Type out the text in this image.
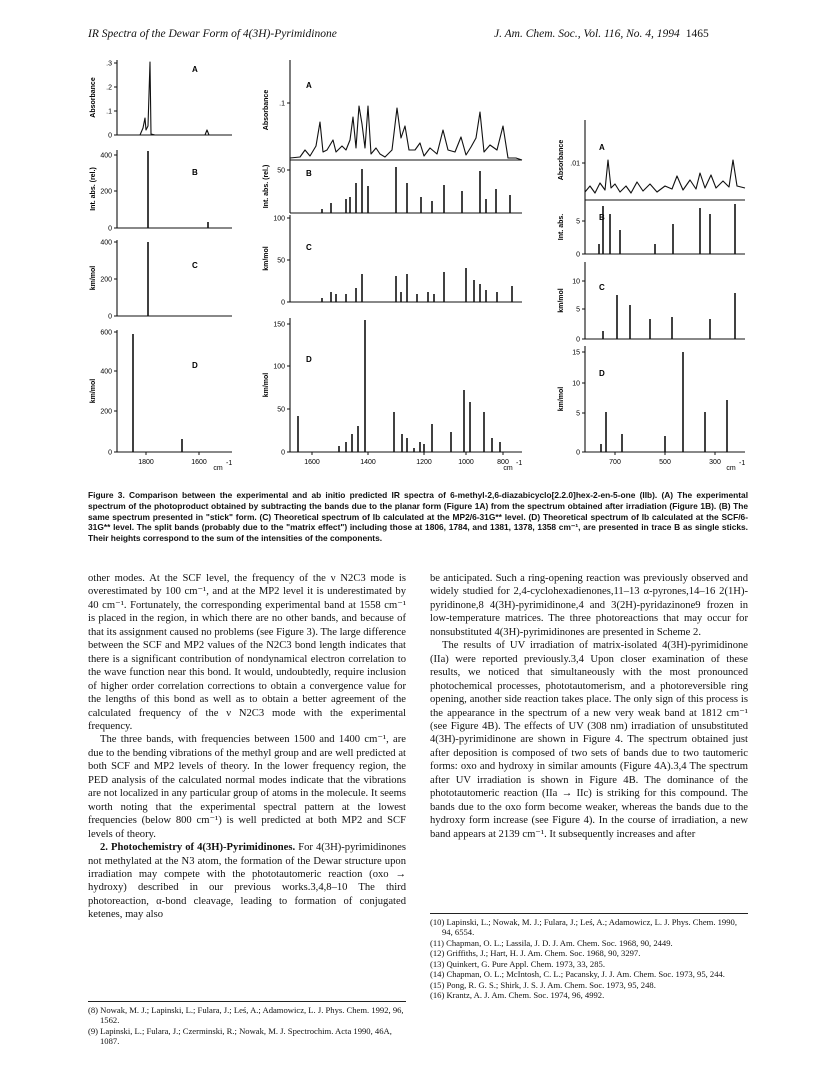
IR Spectra of the Dewar Form of 4(3H)-Pyrimidinone	J. Am. Chem. Soc., Vol. 116, No. 4, 1994 1465
.3
.2
.1
0
A
Absorbance
400
200
0
B
Int. abs. (rel.)
400
200
0
C
km/mol
600
400
200
0
D
km/mol
1800	1600
cm
-1
.1
A
Absorbance
50	B
Int. abs. (rel.)
100
50
0
C
km/mol
150
100
50
0
D
km/mol
1600	1400	1200	1000	800
cm
-1
.01
A
Absorbance
5
0
B
Int. abs.
10
5
0
C
km/mol
15
10
5
0
D
km/mol
700	500	300
cm
-1
Figure 3. Comparison between the experimental and ab initio predicted IR spectra of 6-methyl-2,6-diazabicyclo[2.2.0]hex-2-en-5-one (IIb). (A) The experimental spectrum of the photoproduct obtained by subtracting the bands due to the planar form (Figure 1A) from the spectrum obtained after irradiation (Figure 1B). (B) The same spectrum presented in "stick" form. (C) Theoretical spectrum of Ib calculated at the MP2/6-31G** level. (D) Theoretical spectrum of Ib calculated at the SCF/6-31G** level. The split bands (probably due to the "matrix effect") including those at 1806, 1784, and 1381, 1378, 1358 cm⁻¹, are presented in trace B as single sticks. Their heights correspond to the sum of the intensities of the components.

other modes. At the SCF level, the frequency of the ν N2C3 mode is overestimated by 100 cm⁻¹, and at the MP2 level it is underestimated by 40 cm⁻¹. Fortunately, the corresponding experimental band at 1558 cm⁻¹ is placed in the region, in which there are no other bands, and because of that its assignment caused no problems (see Figure 3). The large difference between the SCF and MP2 values of the N2C3 bond length indicates that there is a significant contribution of nondynamical electron correlation to the wave function near this bond. It would, undoubtedly, require inclusion of higher order correlation corrections to obtain a convergence value for the lengths of this bond as well as to obtain a better agreement of the calculated frequency of the ν N2C3 mode with the experimental frequency.

The three bands, with frequencies between 1500 and 1400 cm⁻¹, are due to the bending vibrations of the methyl group and are well predicted at both SCF and MP2 levels of theory. In the lower frequency region, the PED analysis of the calculated normal modes indicate that the vibrations are not localized in any particular group of atoms in the molecule. It seems worth noting that the experimental spectral pattern at the lowest frequencies (below 800 cm⁻¹) is well predicted at both MP2 and SCF levels of theory.

2. Photochemistry of 4(3H)-Pyrimidinones. For 4(3H)-pyrimidinones not methylated at the N3 atom, the formation of the Dewar structure upon irradiation may compete with the phototautomeric reaction (oxo → hydroxy) described in our previous works.3,4,8–10 The third photoreaction, α-bond cleavage, leading to formation of conjugated ketenes, may also

be anticipated. Such a ring-opening reaction was previously observed and widely studied for 2,4-cyclohexadienones,11–13 α-pyrones,14–16 2(1H)-pyridinone,8 4(3H)-pyrimidinone,4 and 3(2H)-pyridazinone9 frozen in low-temperature matrices. The three photoreactions that may occur for nonsubstituted 4(3H)-pyrimidinones are presented in Scheme 2.

The results of UV irradiation of matrix-isolated 4(3H)-pyrimidinone (IIa) were reported previously.3,4 Upon closer examination of these results, we noticed that simultaneously with the most pronounced photochemical processes, phototautomerism, and a photoreversible ring opening, another side reaction takes place. The only sign of this process is the appearance in the spectrum of a new very weak band at 1812 cm⁻¹ (see Figure 4B). The effects of UV (308 nm) irradiation of unsubstituted 4(3H)-pyrimidinone are shown in Figure 4. The spectrum obtained just after deposition is composed of two sets of bands due to two tautomeric forms: oxo and hydroxy in similar amounts (Figure 4A).3,4 The spectrum after UV irradiation is shown in Figure 4B. The dominance of the phototautomeric reaction (IIa → IIc) is striking for this compound. The bands due to the oxo form become weaker, whereas the bands due to the hydroxy form increase (see Figure 4). In the course of irradiation, a new band appears at 2139 cm⁻¹. It subsequently increases and after

(8) Nowak, M. J.; Lapinski, L.; Fulara, J.; Leś, A.; Adamowicz, L. J. Phys. Chem. 1992, 96, 1562.
(9) Lapinski, L.; Fulara, J.; Czerminski, R.; Nowak, M. J. Spectrochim. Acta 1990, 46A, 1087.
(10) Lapinski, L.; Nowak, M. J.; Fulara, J.; Leś, A.; Adamowicz, L. J. Phys. Chem. 1990, 94, 6554.
(11) Chapman, O. L.; Lassila, J. D. J. Am. Chem. Soc. 1968, 90, 2449.
(12) Griffiths, J.; Hart, H. J. Am. Chem. Soc. 1968, 90, 3297.
(13) Quinkert, G. Pure Appl. Chem. 1973, 33, 285.
(14) Chapman, O. L.; McIntosh, C. L.; Pacansky, J. J. Am. Chem. Soc. 1973, 95, 244.
(15) Pong, R. G. S.; Shirk, J. S. J. Am. Chem. Soc. 1973, 95, 248.
(16) Krantz, A. J. Am. Chem. Soc. 1974, 96, 4992.
